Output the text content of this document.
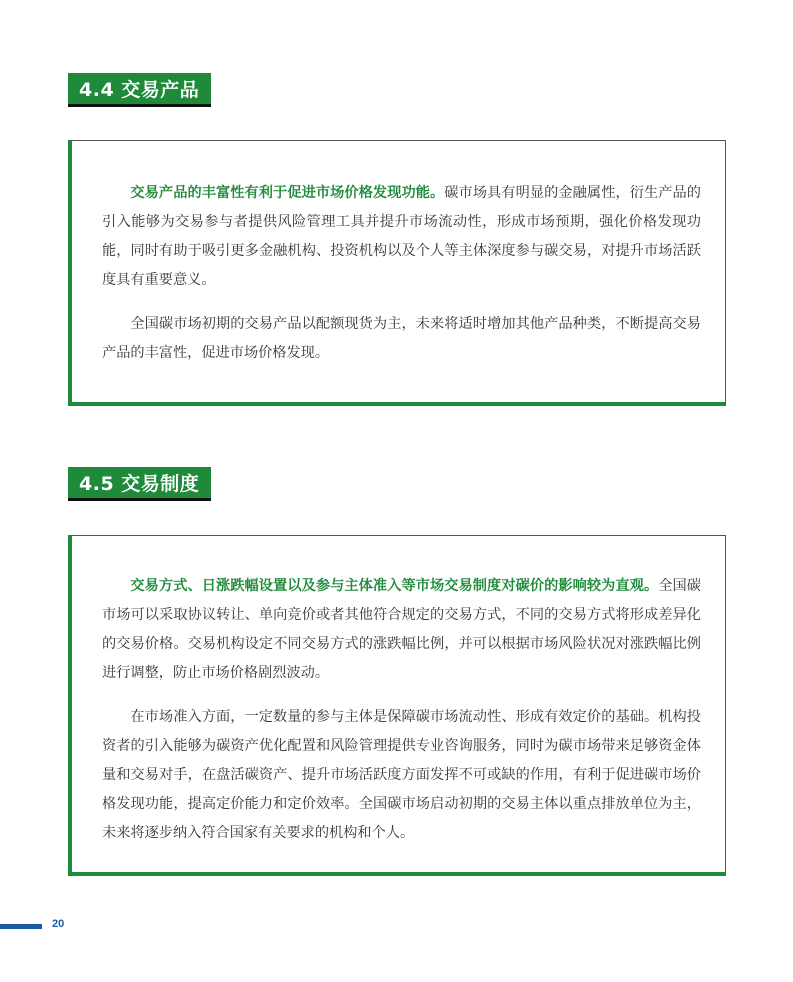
4.4 交易产品

交易产品的丰富性有利于促进市场价格发现功能。碳市场具有明显的金融属性，衍生产品的引入能够为交易参与者提供风险管理工具并提升市场流动性，形成市场预期，强化价格发现功能，同时有助于吸引更多金融机构、投资机构以及个人等主体深度参与碳交易，对提升市场活跃度具有重要意义。

全国碳市场初期的交易产品以配额现货为主，未来将适时增加其他产品种类，不断提高交易产品的丰富性，促进市场价格发现。

4.5 交易制度

交易方式、日涨跌幅设置以及参与主体准入等市场交易制度对碳价的影响较为直观。全国碳市场可以采取协议转让、单向竞价或者其他符合规定的交易方式，不同的交易方式将形成差异化的交易价格。交易机构设定不同交易方式的涨跌幅比例，并可以根据市场风险状况对涨跌幅比例进行调整，防止市场价格剧烈波动。

在市场准入方面，一定数量的参与主体是保障碳市场流动性、形成有效定价的基础。机构投资者的引入能够为碳资产优化配置和风险管理提供专业咨询服务，同时为碳市场带来足够资金体量和交易对手，在盘活碳资产、提升市场活跃度方面发挥不可或缺的作用，有利于促进碳市场价格发现功能，提高定价能力和定价效率。全国碳市场启动初期的交易主体以重点排放单位为主，未来将逐步纳入符合国家有关要求的机构和个人。

20
